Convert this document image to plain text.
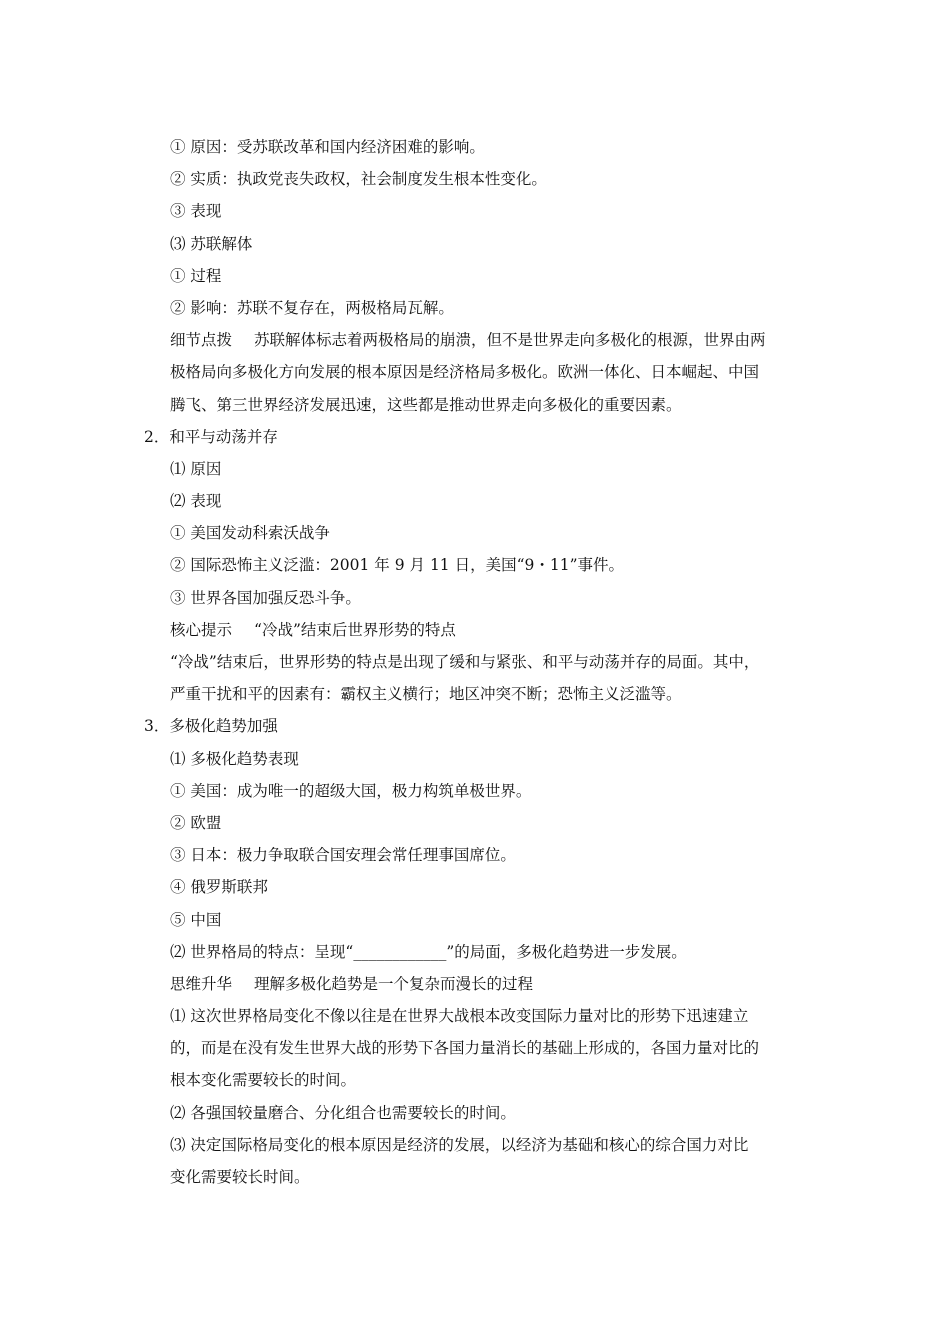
① 原因：受苏联改革和国内经济困难的影响。
② 实质：执政党丧失政权，社会制度发生根本性变化。
③ 表现
⑶ 苏联解体
① 过程
② 影响：苏联不复存在，两极格局瓦解。
细节点拨 苏联解体标志着两极格局的崩溃，但不是世界走向多极化的根源，世界由两
极格局向多极化方向发展的根本原因是经济格局多极化。欧洲一体化、日本崛起、中国
腾飞、第三世界经济发展迅速，这些都是推动世界走向多极化的重要因素。
2．和平与动荡并存
⑴ 原因
⑵ 表现
① 美国发动科索沃战争
② 国际恐怖主义泛滥：2001 年 9 月 11 日，美国“9・11”事件。
③ 世界各国加强反恐斗争。
核心提示 “冷战”结束后世界形势的特点
“冷战”结束后，世界形势的特点是出现了缓和与紧张、和平与动荡并存的局面。其中，
严重干扰和平的因素有：霸权主义横行；地区冲突不断；恐怖主义泛滥等。
3．多极化趋势加强
⑴ 多极化趋势表现
① 美国：成为唯一的超级大国，极力构筑单极世界。
② 欧盟
③ 日本：极力争取联合国安理会常任理事国席位。
④ 俄罗斯联邦
⑤ 中国
⑵ 世界格局的特点：呈现“____________”的局面，多极化趋势进一步发展。
思维升华 理解多极化趋势是一个复杂而漫长的过程
⑴ 这次世界格局变化不像以往是在世界大战根本改变国际力量对比的形势下迅速建立
的，而是在没有发生世界大战的形势下各国力量消长的基础上形成的，各国力量对比的
根本变化需要较长的时间。
⑵ 各强国较量磨合、分化组合也需要较长的时间。
⑶ 决定国际格局变化的根本原因是经济的发展，以经济为基础和核心的综合国力对比
变化需要较长时间。
